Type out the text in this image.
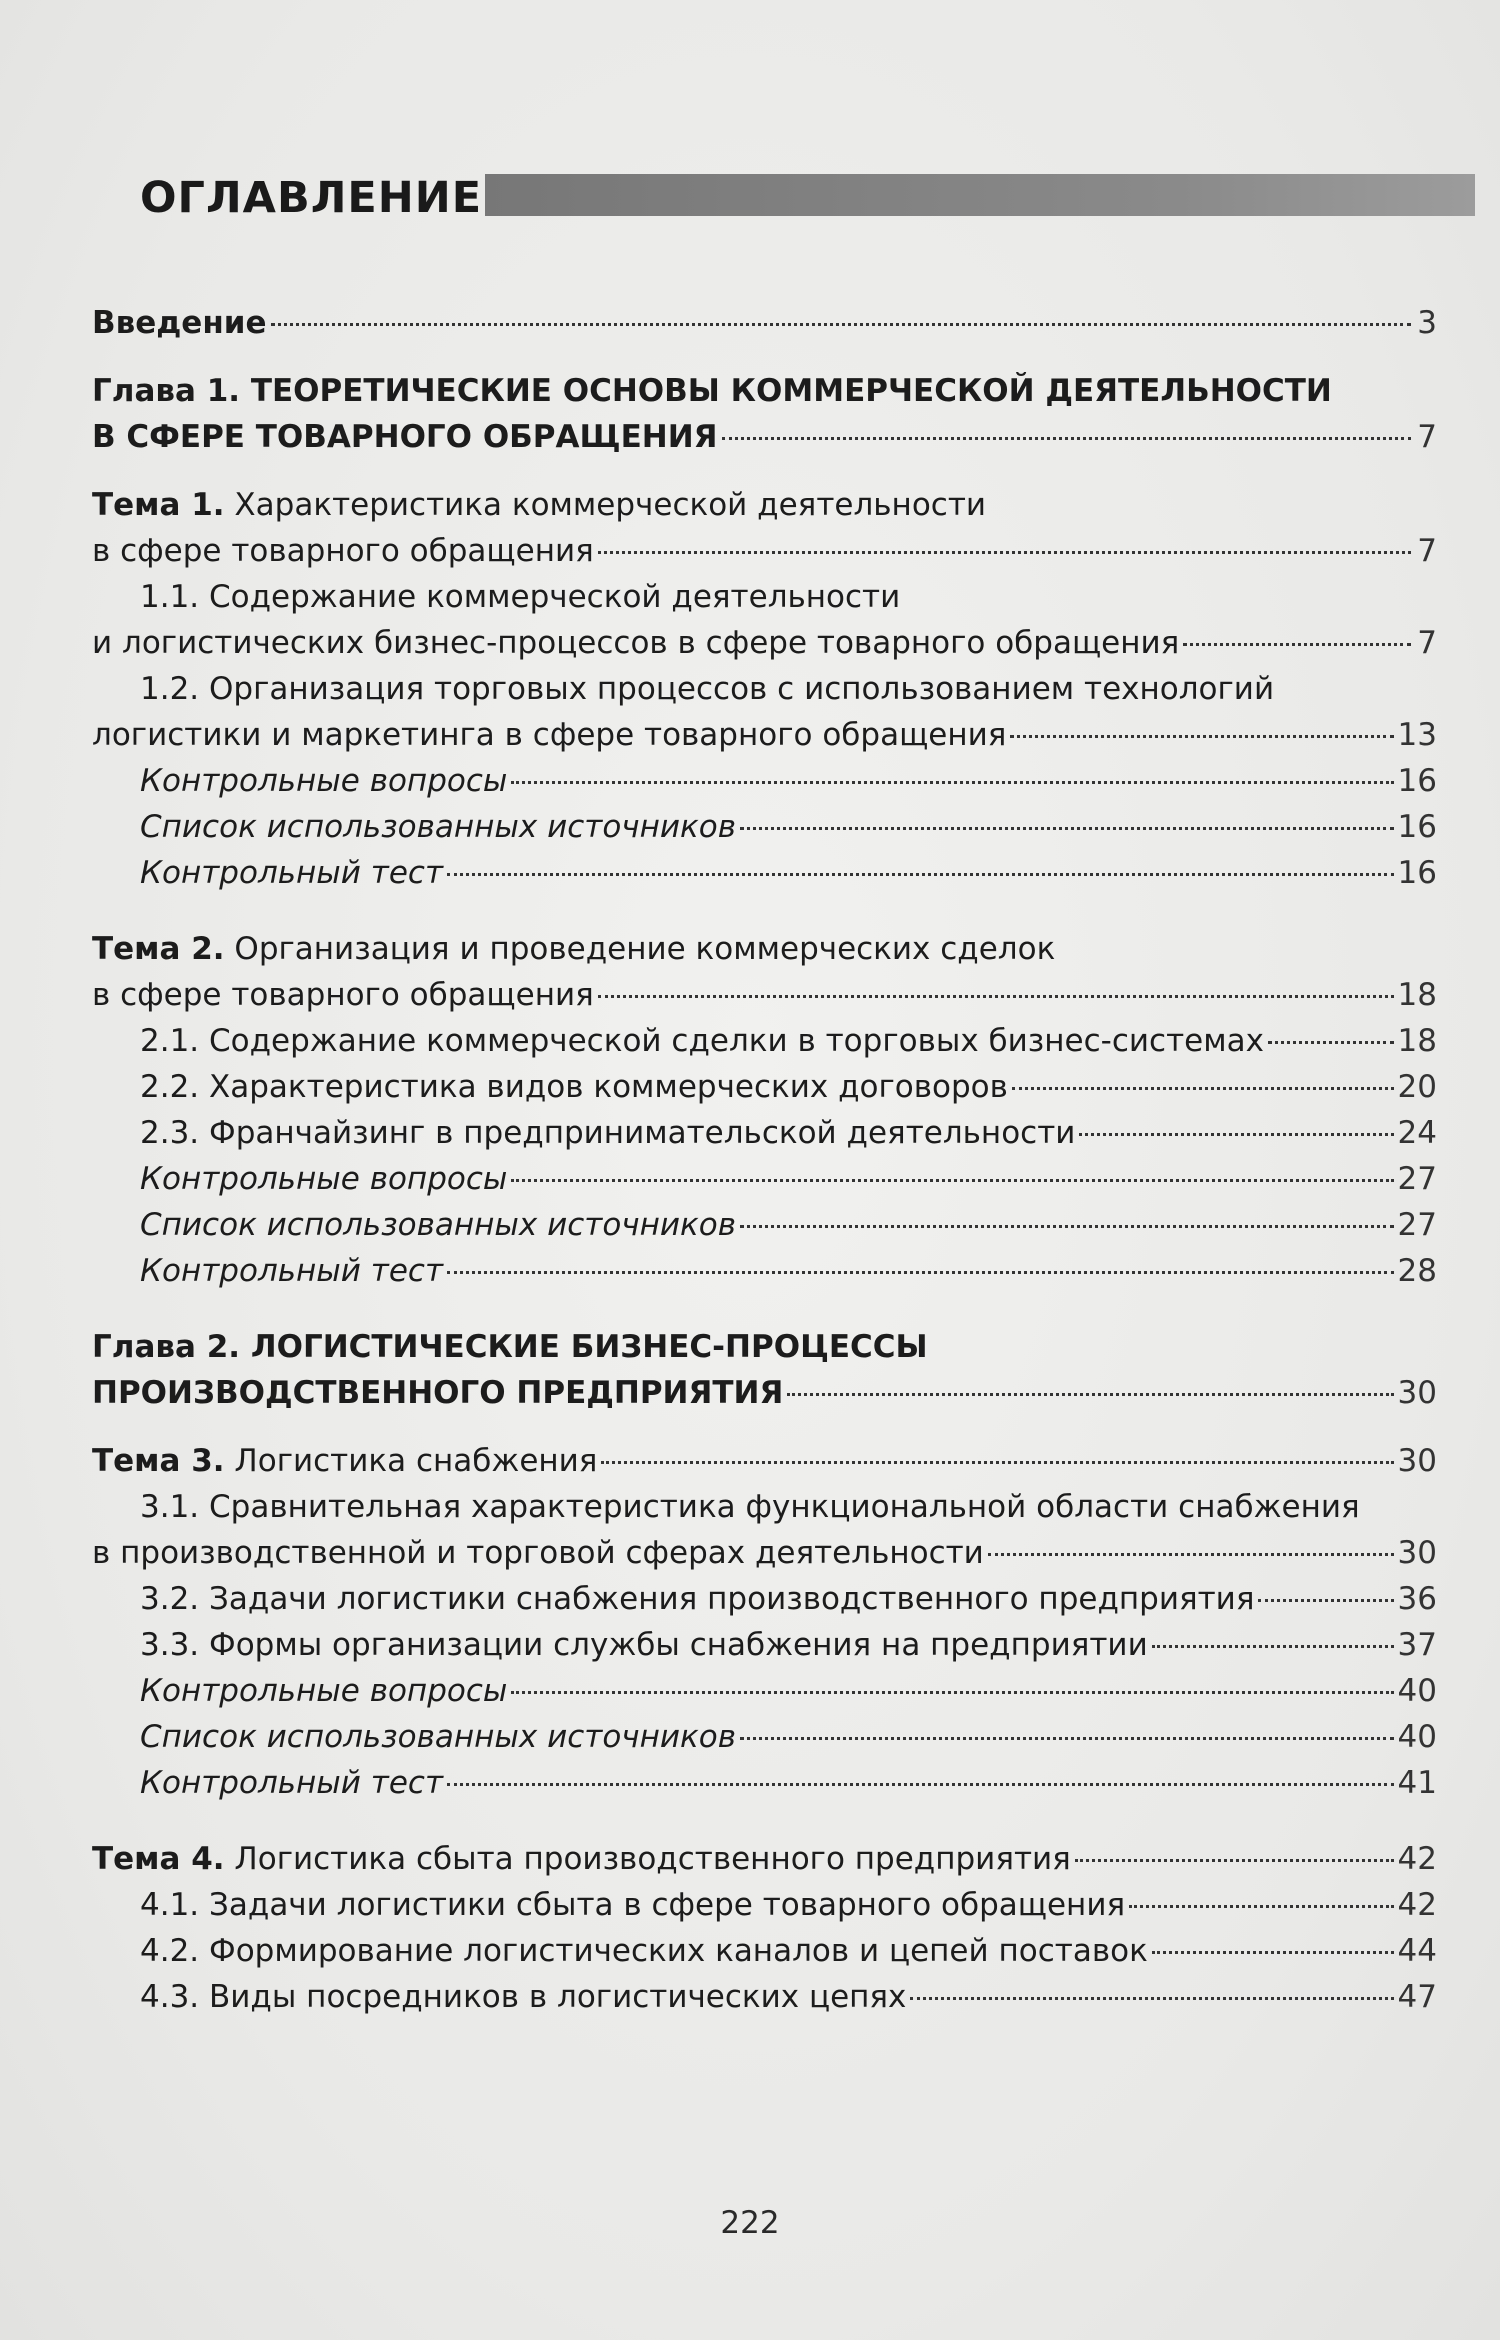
ОГЛАВЛЕНИЕ
Введение	3
Глава 1. ТЕОРЕТИЧЕСКИЕ ОСНОВЫ КОММЕРЧЕСКОЙ ДЕЯТЕЛЬНОСТИ
В СФЕРЕ ТОВАРНОГО ОБРАЩЕНИЯ	7
Тема 1. Характеристика коммерческой деятельности
в сфере товарного обращения	7
1.1. Содержание коммерческой деятельности
и логистических бизнес-процессов в сфере товарного обращения	7
1.2. Организация торговых процессов с использованием технологий
логистики и маркетинга в сфере товарного обращения	13
Контрольные вопросы	16
Список использованных источников	16
Контрольный тест	16
Тема 2. Организация и проведение коммерческих сделок
в сфере товарного обращения	18
2.1. Содержание коммерческой сделки в торговых бизнес-системах	18
2.2. Характеристика видов коммерческих договоров	20
2.3. Франчайзинг в предпринимательской деятельности	24
Контрольные вопросы	27
Список использованных источников	27
Контрольный тест	28
Глава 2. ЛОГИСТИЧЕСКИЕ БИЗНЕС-ПРОЦЕССЫ
ПРОИЗВОДСТВЕННОГО ПРЕДПРИЯТИЯ	30
Тема 3. Логистика снабжения	30
3.1. Сравнительная характеристика функциональной области снабжения
в производственной и торговой сферах деятельности	30
3.2. Задачи логистики снабжения производственного предприятия	36
3.3. Формы организации службы снабжения на предприятии	37
Контрольные вопросы	40
Список использованных источников	40
Контрольный тест	41
Тема 4. Логистика сбыта производственного предприятия	42
4.1. Задачи логистики сбыта в сфере товарного обращения	42
4.2. Формирование логистических каналов и цепей поставок	44
4.3. Виды посредников в логистических цепях	47
222
